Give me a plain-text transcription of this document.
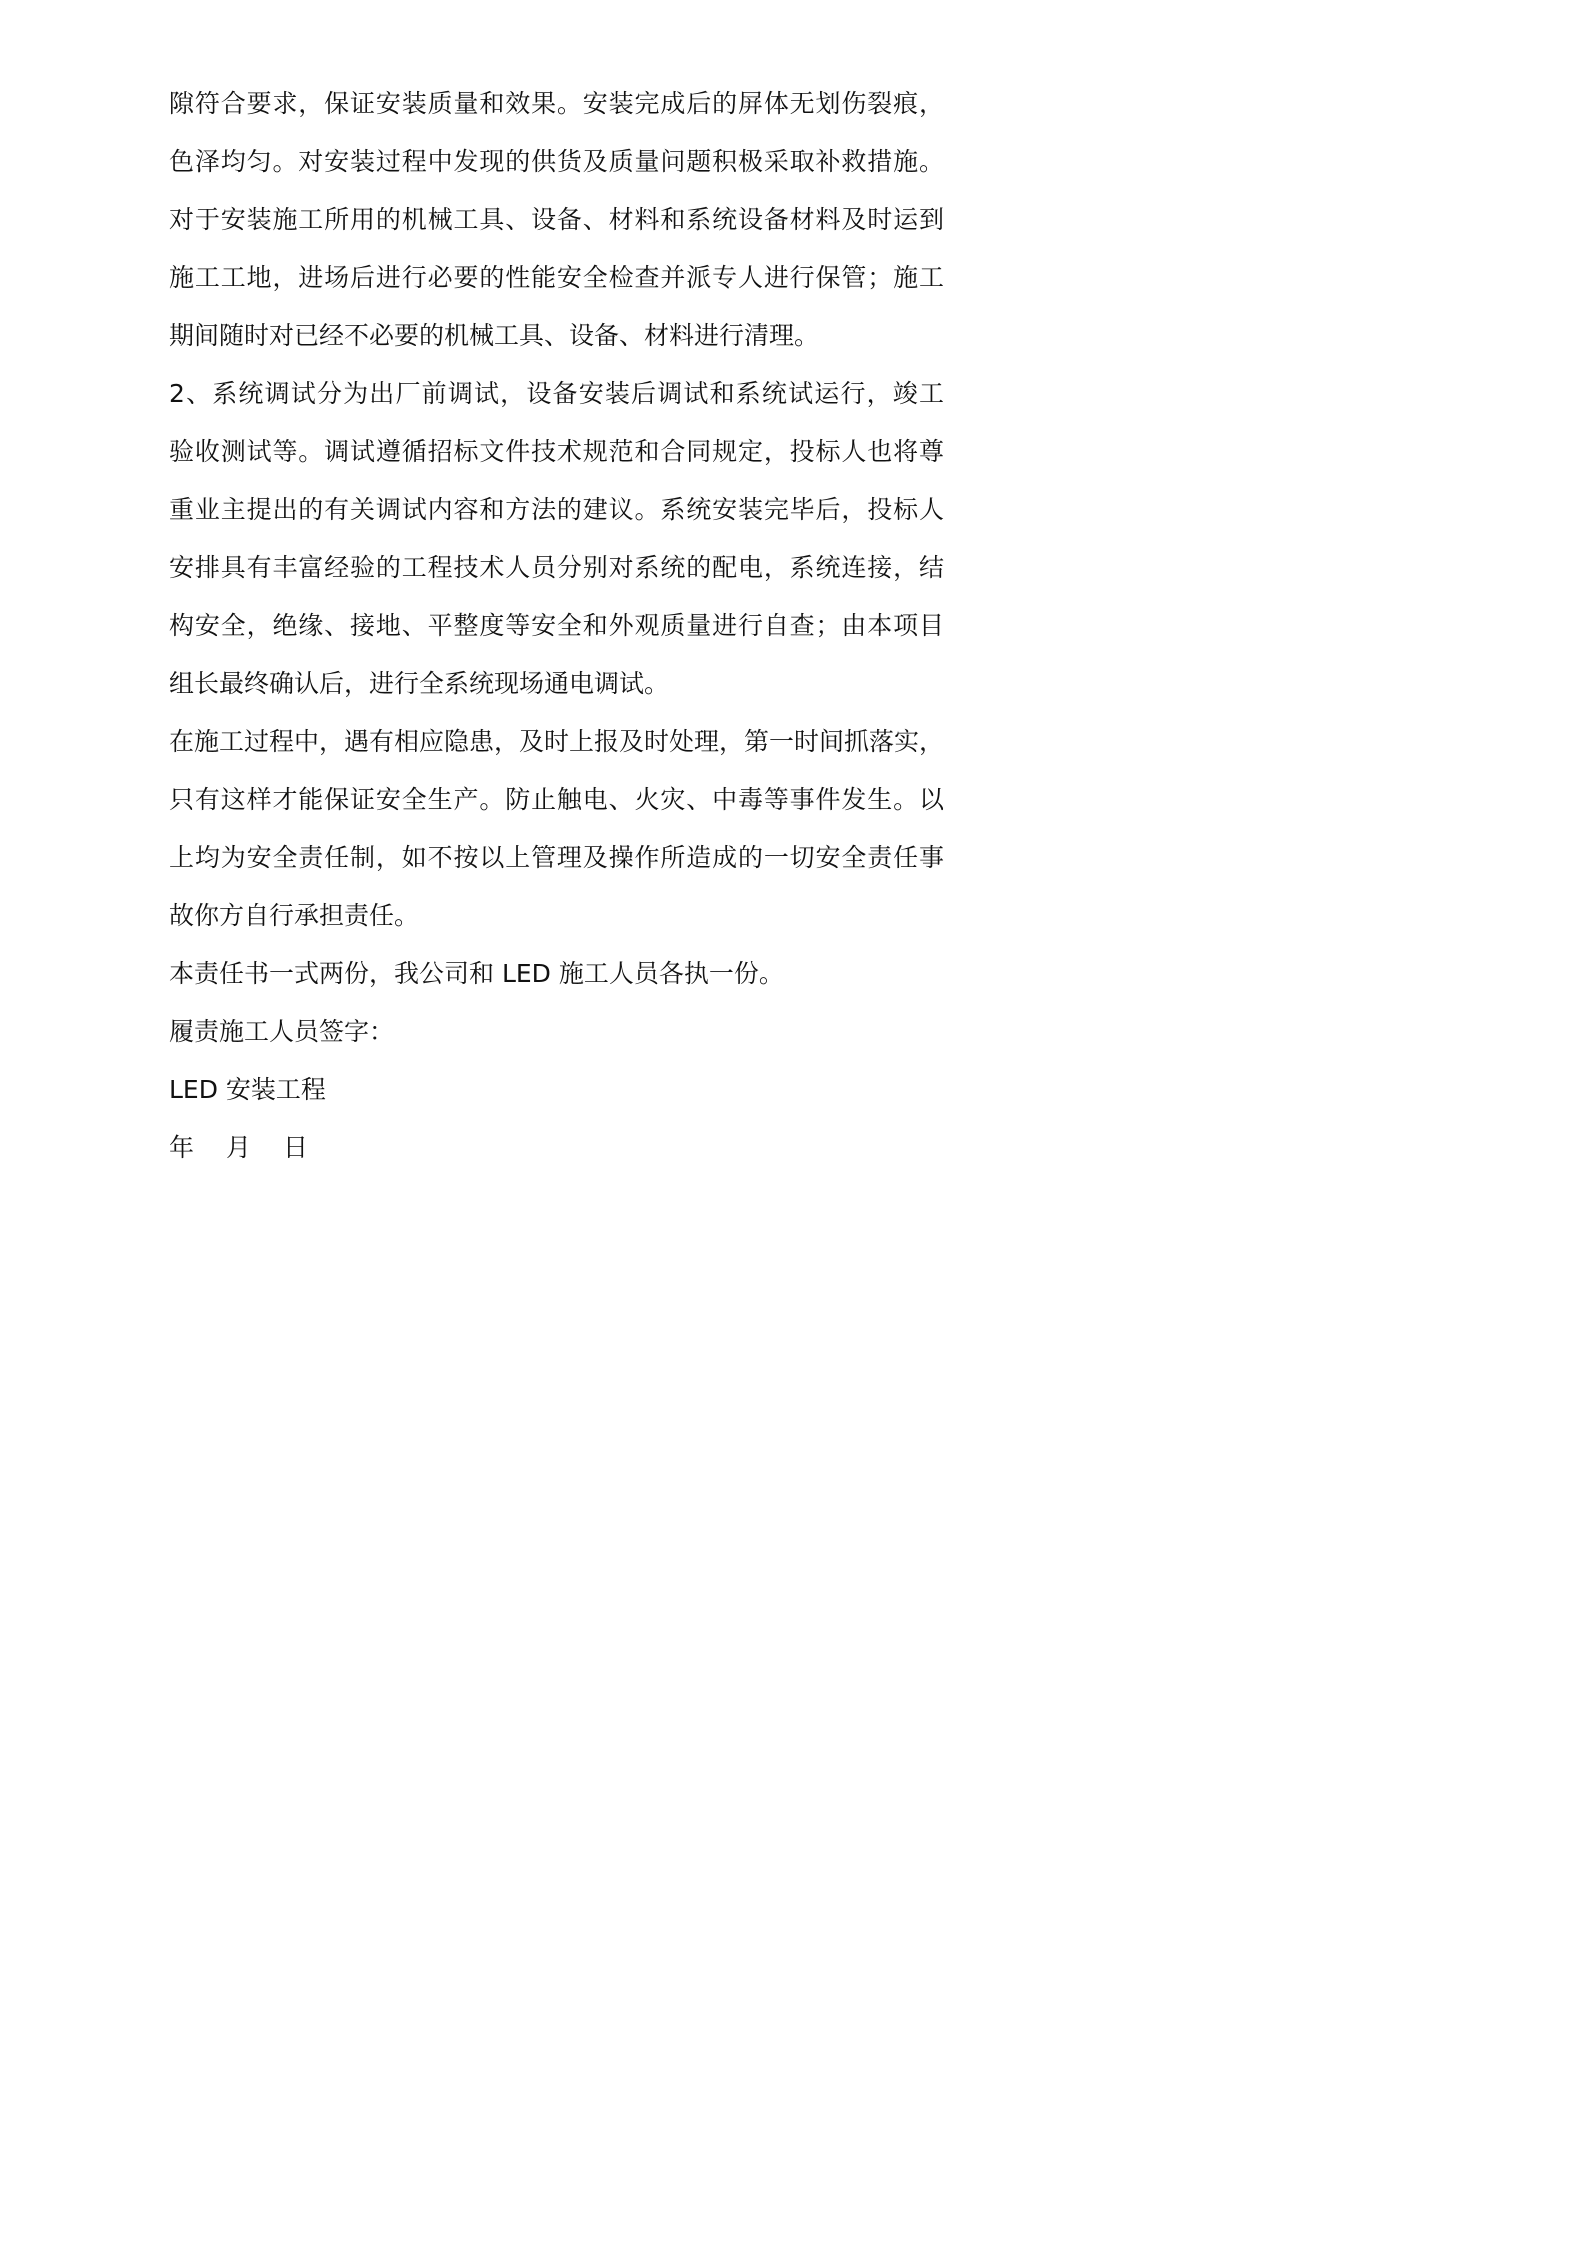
隙符合要求，保证安装质量和效果。安装完成后的屏体无划伤裂痕，
色泽均匀。对安装过程中发现的供货及质量问题积极采取补救措施。
对于安装施工所用的机械工具、设备、材料和系统设备材料及时运到
施工工地，进场后进行必要的性能安全检查并派专人进行保管；施工
期间随时对已经不必要的机械工具、设备、材料进行清理。
2、系统调试分为出厂前调试，设备安装后调试和系统试运行，竣工
验收测试等。调试遵循招标文件技术规范和合同规定，投标人也将尊
重业主提出的有关调试内容和方法的建议。系统安装完毕后，投标人
安排具有丰富经验的工程技术人员分别对系统的配电，系统连接，结
构安全，绝缘、接地、平整度等安全和外观质量进行自查；由本项目
组长最终确认后，进行全系统现场通电调试。
在施工过程中，遇有相应隐患，及时上报及时处理，第一时间抓落实，
只有这样才能保证安全生产。防止触电、火灾、中毒等事件发生。以
上均为安全责任制，如不按以上管理及操作所造成的一切安全责任事
故你方自行承担责任。
本责任书一式两份，我公司和 LED 施工人员各执一份。
履责施工人员签字：
LED 安装工程
年	月	日
